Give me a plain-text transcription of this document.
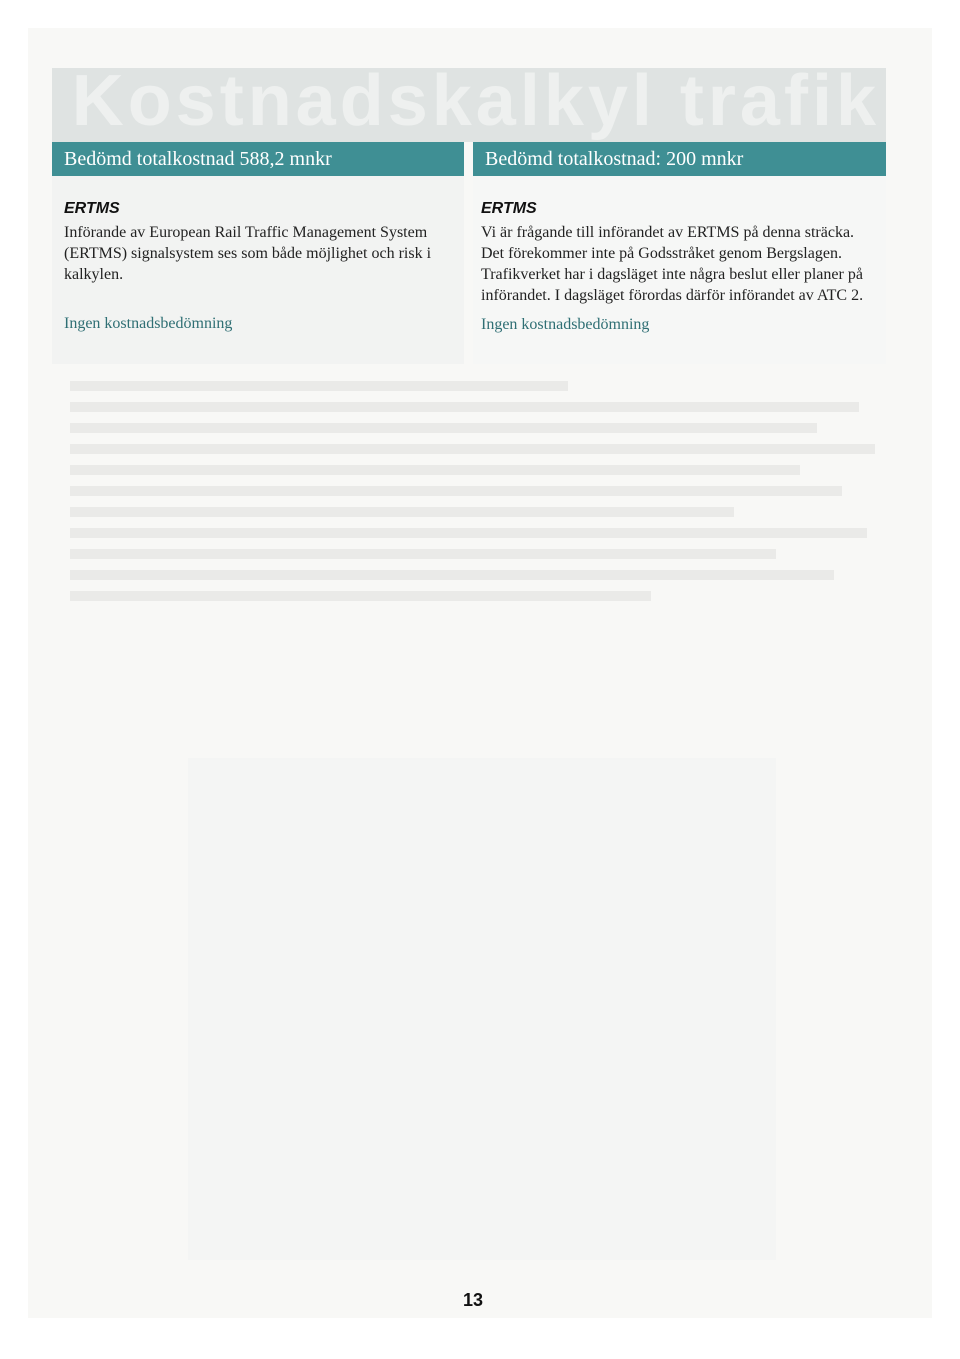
Kostnadskalkyl trafik
Bedömd totalkostnad 588,2 mnkr
ERTMS

Införande av European Rail Traffic Management System (ERTMS) signalsystem ses som både möjlighet och risk i kalkylen.

Ingen kostnadsbedömning
Bedömd totalkostnad: 200 mnkr
ERTMS

Vi är frågande till införandet av ERTMS på denna sträcka. Det förekommer inte på Godsstråket genom Bergslagen. Trafikverket har i dagsläget inte några beslut eller planer på införandet. I dagsläget förordas därför införandet av ATC 2.

Ingen kostnadsbedömning
13
